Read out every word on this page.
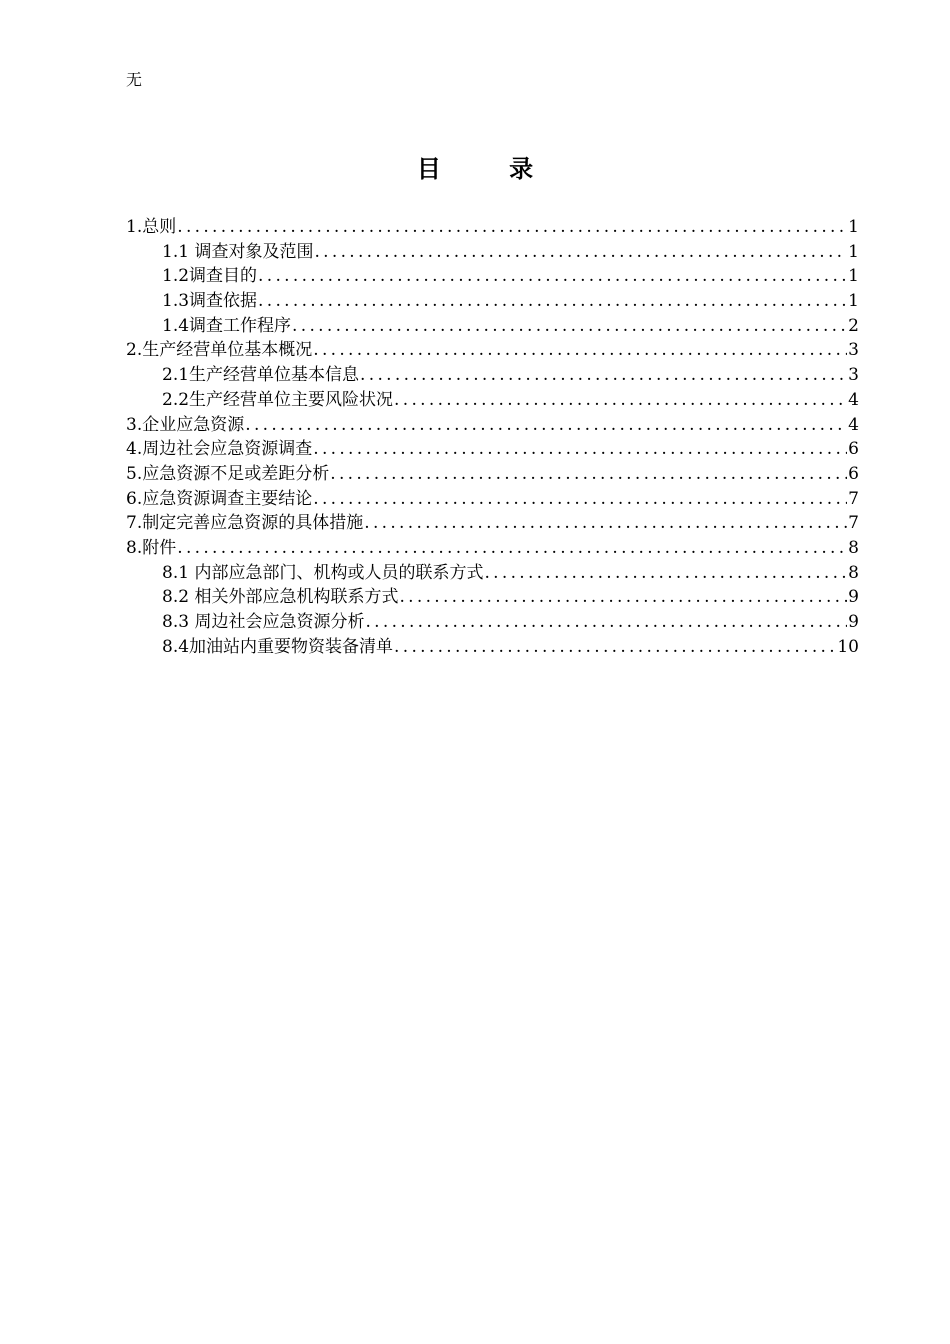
无
目 录
1.总则 .....	1
1.1 调查对象及范围 .....	1
1.2调查目的 .....	1
1.3调查依据 .....	1
1.4调查工作程序 .....	2
2.生产经营单位基本概况 .....	3
2.1生产经营单位基本信息 .....	3
2.2生产经营单位主要风险状况 .....	4
3.企业应急资源 .....	4
4.周边社会应急资源调查 .....	6
5.应急资源不足或差距分析 .....	6
6.应急资源调查主要结论 .....	7
7.制定完善应急资源的具体措施 .....	7
8.附件 .....	8
8.1 内部应急部门、机构或人员的联系方式 .....	8
8.2 相关外部应急机构联系方式 .....	9
8.3 周边社会应急资源分析 .....	9
8.4加油站内重要物资装备清单 .....	10
